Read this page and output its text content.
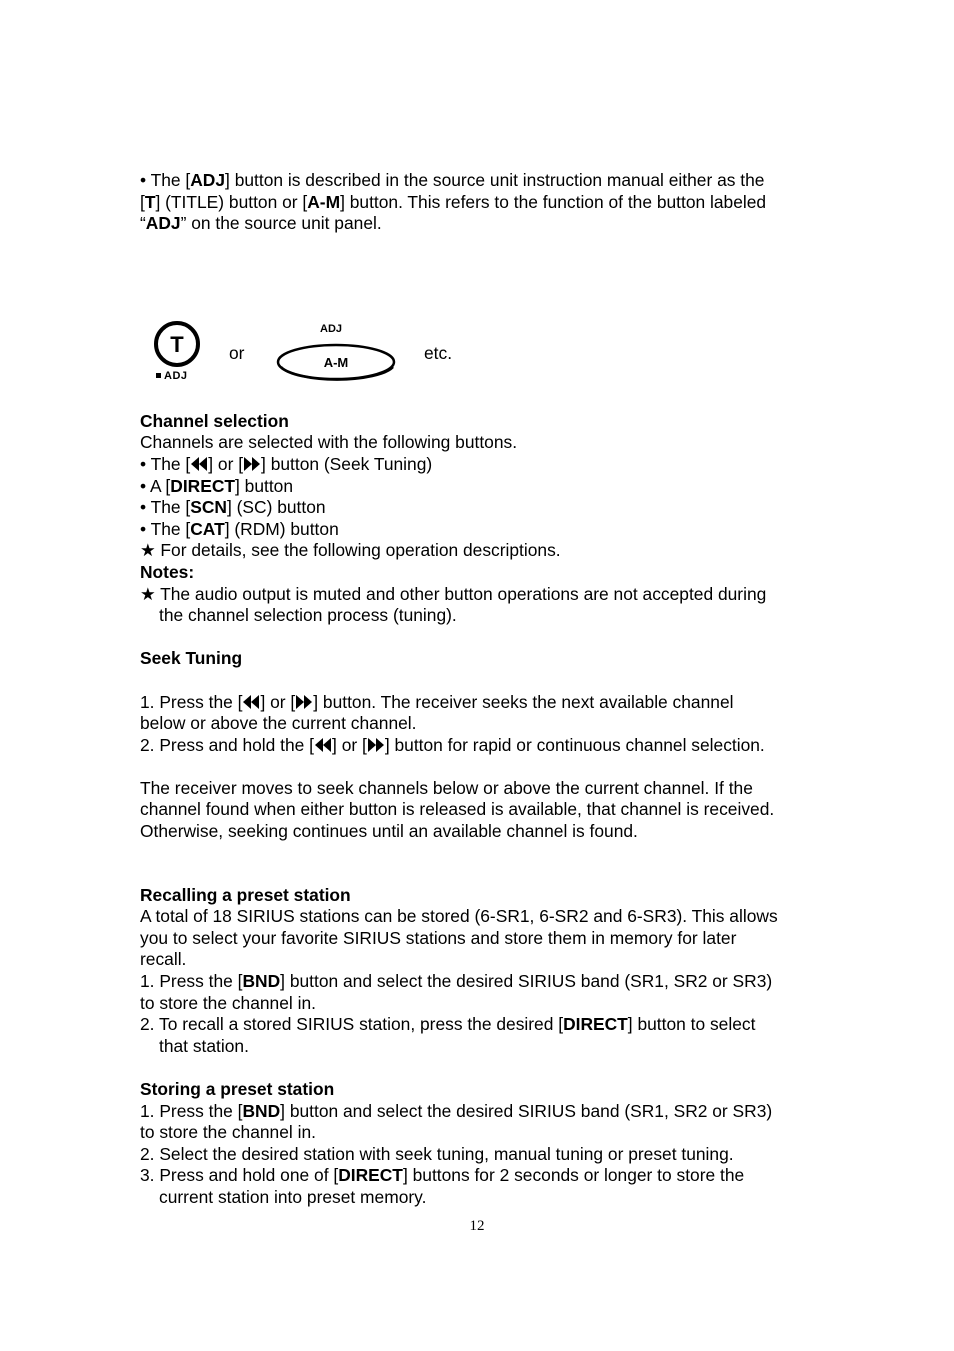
• The [ADJ] button is described in the source unit instruction manual either as the
[T] (TITLE) button or [A-M] button. This refers to the function of the button labeled
“ADJ” on the source unit panel.
T
ADJ
or
ADJ
A-M	etc.
Channel selection
Channels are selected with the following buttons.
• The [ ] or [ ] button (Seek Tuning)
• A [DIRECT] button
• The [SCN] (SC) button
• The [CAT] (RDM) button
★ For details, see the following operation descriptions.
Notes:
★ The audio output is muted and other button operations are not accepted during
the channel selection process (tuning).
Seek Tuning
1. Press the [ ] or [ ] button. The receiver seeks the next available channel
below or above the current channel.
2. Press and hold the [ ] or [ ] button for rapid or continuous channel selection.
The receiver moves to seek channels below or above the current channel. If the
channel found when either button is released is available, that channel is received.
Otherwise, seeking continues until an available channel is found.
Recalling a preset station
A total of 18 SIRIUS stations can be stored (6-SR1, 6-SR2 and 6-SR3). This allows
you to select your favorite SIRIUS stations and store them in memory for later
recall.
1. Press the [BND] button and select the desired SIRIUS band (SR1, SR2 or SR3)
to store the channel in.
2. To recall a stored SIRIUS station, press the desired [DIRECT] button to select
that station.
Storing a preset station
1. Press the [BND] button and select the desired SIRIUS band (SR1, SR2 or SR3)
to store the channel in.
2. Select the desired station with seek tuning, manual tuning or preset tuning.
3. Press and hold one of [DIRECT] buttons for 2 seconds or longer to store the
current station into preset memory.
12
